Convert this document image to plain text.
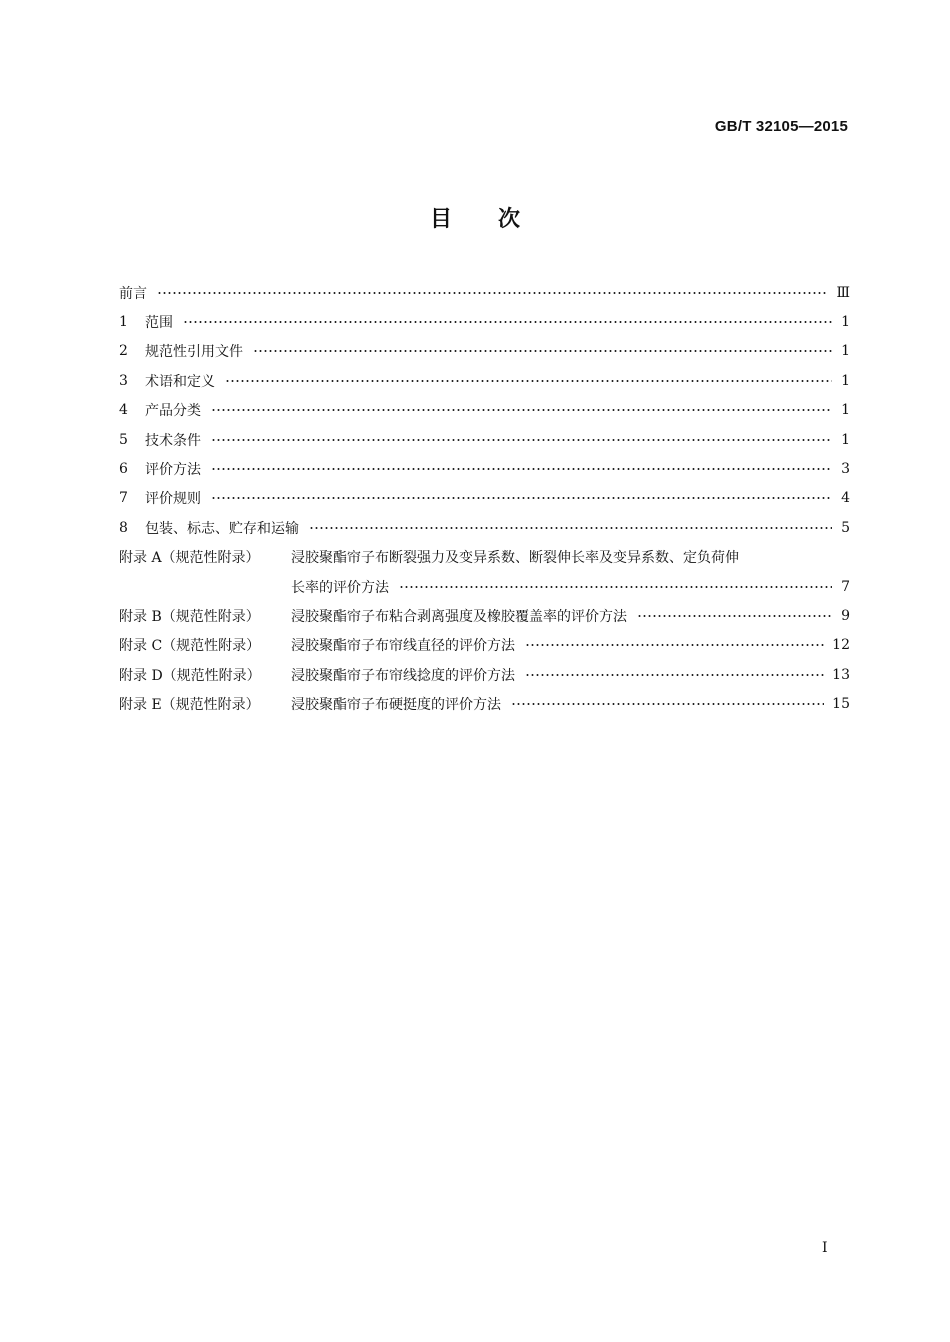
GB/T 32105—2015
目 次
前言	Ⅲ
1	范围	1
2	规范性引用文件	1
3	术语和定义	1
4	产品分类	1
5	技术条件	1
6	评价方法	3
7	评价规则	4
8	包装、标志、贮存和运输	5
附录 A（规范性附录）	浸胶聚酯帘子布断裂强力及变异系数、断裂伸长率及变异系数、定负荷伸
长率的评价方法	7
附录 B（规范性附录）	浸胶聚酯帘子布粘合剥离强度及橡胶覆盖率的评价方法	9
附录 C（规范性附录）	浸胶聚酯帘子布帘线直径的评价方法	12
附录 D（规范性附录）	浸胶聚酯帘子布帘线捻度的评价方法	13
附录 E（规范性附录）	浸胶聚酯帘子布硬挺度的评价方法	15
I
